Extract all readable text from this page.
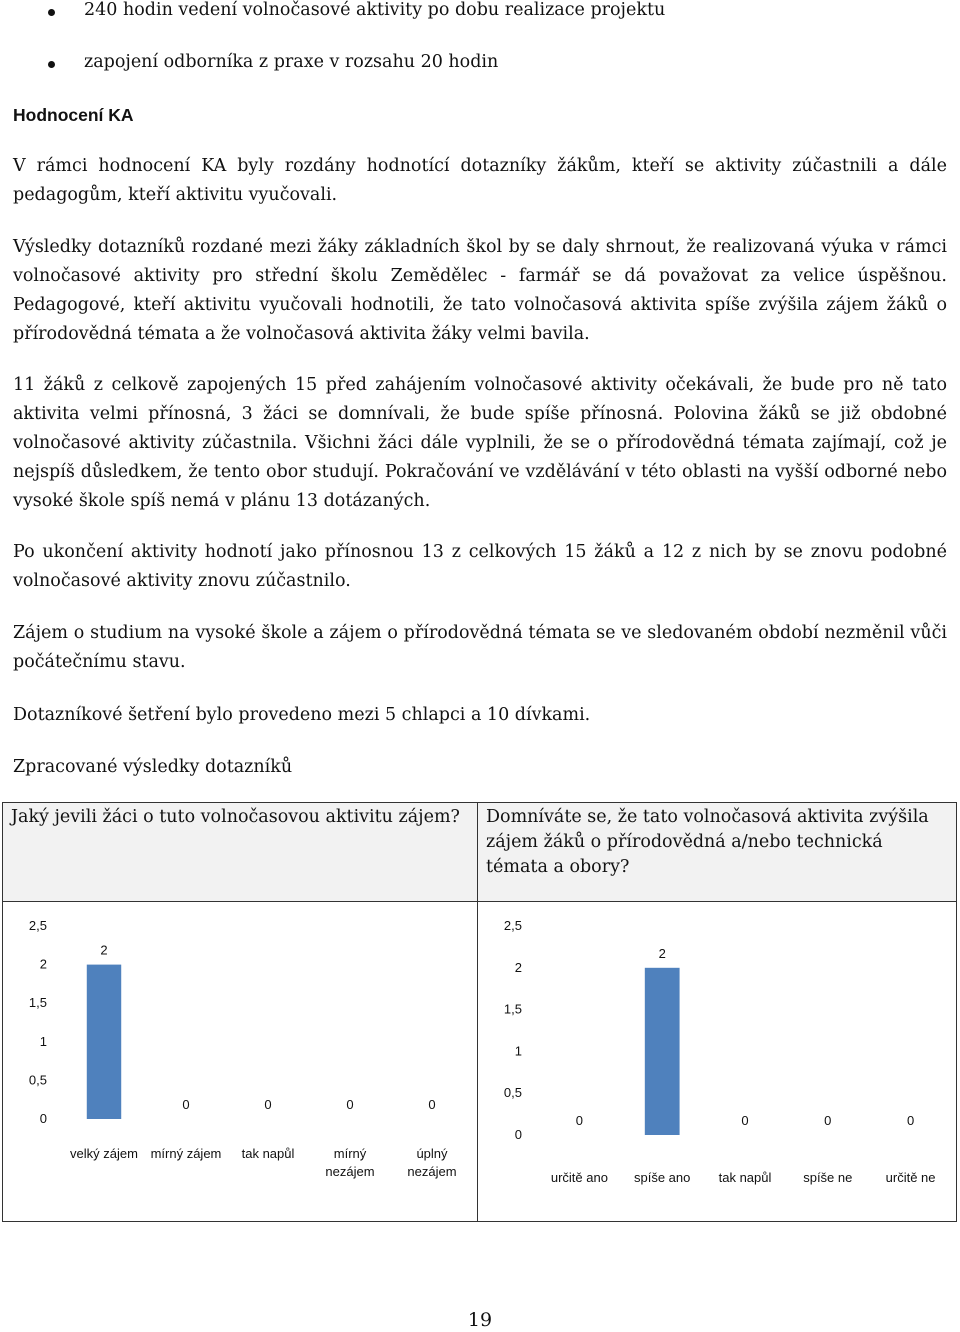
240 hodin vedení volnočasové aktivity po dobu realizace projektu
zapojení odborníka z praxe v rozsahu 20 hodin
Hodnocení KA

V rámci hodnocení KA byly rozdány hodnotící dotazníky žákům, kteří se aktivity zúčastnili a dále pedagogům, kteří aktivitu vyučovali.

Výsledky dotazníků rozdané mezi žáky základních škol by se daly shrnout, že realizovaná výuka v rámci volnočasové aktivity pro střední školu Zemědělec - farmář se dá považovat za velice úspěšnou. Pedagogové, kteří aktivitu vyučovali hodnotili, že tato volnočasová aktivita spíše zvýšila zájem žáků o přírodovědná témata a že volnočasová aktivita žáky velmi bavila.

11 žáků z celkově zapojených 15 před zahájením volnočasové aktivity očekávali, že bude pro ně tato aktivita velmi přínosná, 3 žáci se domnívali, že bude spíše přínosná. Polovina žáků se již obdobné volnočasové aktivity zúčastnila. Všichni žáci dále vyplnili, že se o přírodovědná témata zajímají, což je nejspíš důsledkem, že tento obor studují. Pokračování ve vzdělávání v této oblasti na vyšší odborné nebo vysoké škole spíš nemá v plánu 13 dotázaných.

Po ukončení aktivity hodnotí jako přínosnou 13 z celkových 15 žáků a 12 z nich by se znovu podobné volnočasové aktivity znovu zúčastnilo.

Zájem o studium na vysoké škole a zájem o přírodovědná témata se ve sledovaném období nezměnil vůči počátečnímu stavu.

Dotazníkové šetření bylo provedeno mezi 5 chlapci a 10 dívkami.

Zpracované výsledky dotazníků

Jaký jevili žáci o tuto volnočasovou aktivitu zájem?	Domníváte se, že tato volnočasová aktivita zvýšila zájem žáků o přírodovědná a/nebo technická témata a obory?
0
0,5
1
1,5
2
2,5
2
velký zájem
0
mírný zájem
0
tak napůl
0
mírný
nezájem
0
úplný
nezájem
0
0,5
1
1,5
2
2,5
0
určitě ano
2
spíše ano
0
tak napůl
0
spíše ne
0
určitě ne
19
